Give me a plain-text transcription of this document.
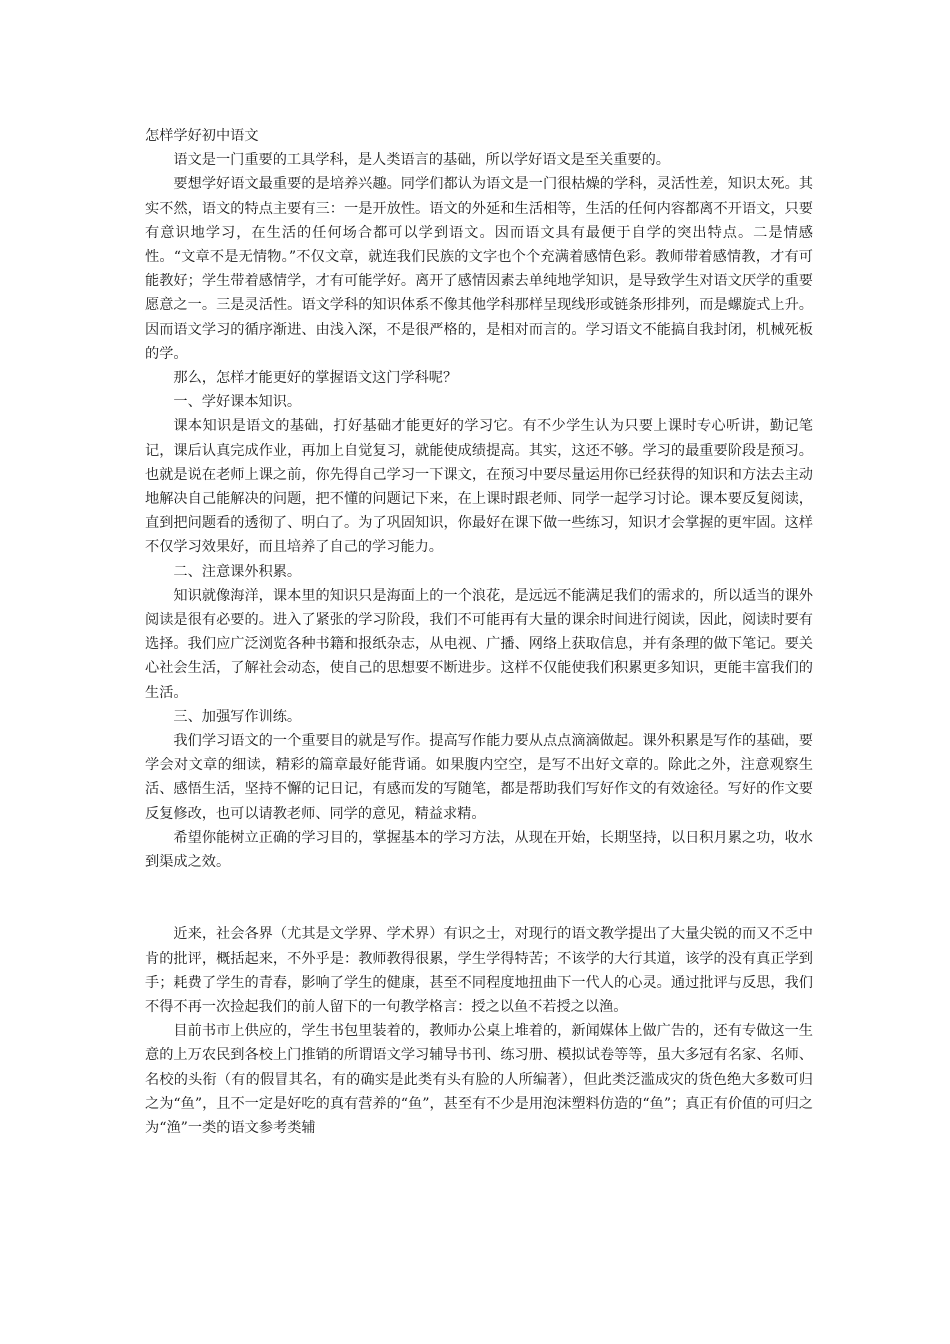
怎样学好初中语文

语文是一门重要的工具学科，是人类语言的基础，所以学好语文是至关重要的。

要想学好语文最重要的是培养兴趣。同学们都认为语文是一门很枯燥的学科，灵活性差，知识太死。其实不然，语文的特点主要有三：一是开放性。语文的外延和生活相等，生活的任何内容都离不开语文，只要有意识地学习，在生活的任何场合都可以学到语文。因而语文具有最便于自学的突出特点。二是情感性。“文章不是无情物。”不仅文章，就连我们民族的文字也个个充满着感情色彩。教师带着感情教，才有可能教好；学生带着感情学，才有可能学好。离开了感情因素去单纯地学知识，是导致学生对语文厌学的重要愿意之一。三是灵活性。语文学科的知识体系不像其他学科那样呈现线形或链条形排列，而是螺旋式上升。因而语文学习的循序渐进、由浅入深，不是很严格的，是相对而言的。学习语文不能搞自我封闭，机械死板的学。

那么，怎样才能更好的掌握语文这门学科呢？

一、学好课本知识。

课本知识是语文的基础，打好基础才能更好的学习它。有不少学生认为只要上课时专心听讲，勤记笔记，课后认真完成作业，再加上自觉复习，就能使成绩提高。其实，这还不够。学习的最重要阶段是预习。也就是说在老师上课之前，你先得自己学习一下课文，在预习中要尽量运用你已经获得的知识和方法去主动地解决自己能解决的问题，把不懂的问题记下来，在上课时跟老师、同学一起学习讨论。课本要反复阅读，直到把问题看的透彻了、明白了。为了巩固知识，你最好在课下做一些练习，知识才会掌握的更牢固。这样不仅学习效果好，而且培养了自己的学习能力。

二、注意课外积累。

知识就像海洋，课本里的知识只是海面上的一个浪花，是远远不能满足我们的需求的，所以适当的课外阅读是很有必要的。进入了紧张的学习阶段，我们不可能再有大量的课余时间进行阅读，因此，阅读时要有选择。我们应广泛浏览各种书籍和报纸杂志，从电视、广播、网络上获取信息，并有条理的做下笔记。要关心社会生活，了解社会动态，使自己的思想要不断进步。这样不仅能使我们积累更多知识，更能丰富我们的生活。

三、加强写作训练。

我们学习语文的一个重要目的就是写作。提高写作能力要从点点滴滴做起。课外积累是写作的基础，要学会对文章的细读，精彩的篇章最好能背诵。如果腹内空空，是写不出好文章的。除此之外，注意观察生活、感悟生活，坚持不懈的记日记，有感而发的写随笔，都是帮助我们写好作文的有效途径。写好的作文要反复修改，也可以请教老师、同学的意见，精益求精。

希望你能树立正确的学习目的，掌握基本的学习方法，从现在开始，长期坚持，以日积月累之功，收水到渠成之效。

近来，社会各界（尤其是文学界、学术界）有识之士，对现行的语文教学提出了大量尖锐的而又不乏中肯的批评，概括起来，不外乎是：教师教得很累，学生学得特苦；不该学的大行其道，该学的没有真正学到手；耗费了学生的青春，影响了学生的健康，甚至不同程度地扭曲下一代人的心灵。通过批评与反思，我们不得不再一次捡起我们的前人留下的一句教学格言：授之以鱼不若授之以渔。

目前书市上供应的，学生书包里装着的，教师办公桌上堆着的，新闻媒体上做广告的，还有专做这一生意的上万农民到各校上门推销的所谓语文学习辅导书刊、练习册、模拟试卷等等，虽大多冠有名家、名师、名校的头衔（有的假冒其名，有的确实是此类有头有脸的人所编著），但此类泛滥成灾的货色绝大多数可归之为“鱼”，且不一定是好吃的真有营养的“鱼”，甚至有不少是用泡沫塑料仿造的“鱼”；真正有价值的可归之为“渔”一类的语文参考类辅
